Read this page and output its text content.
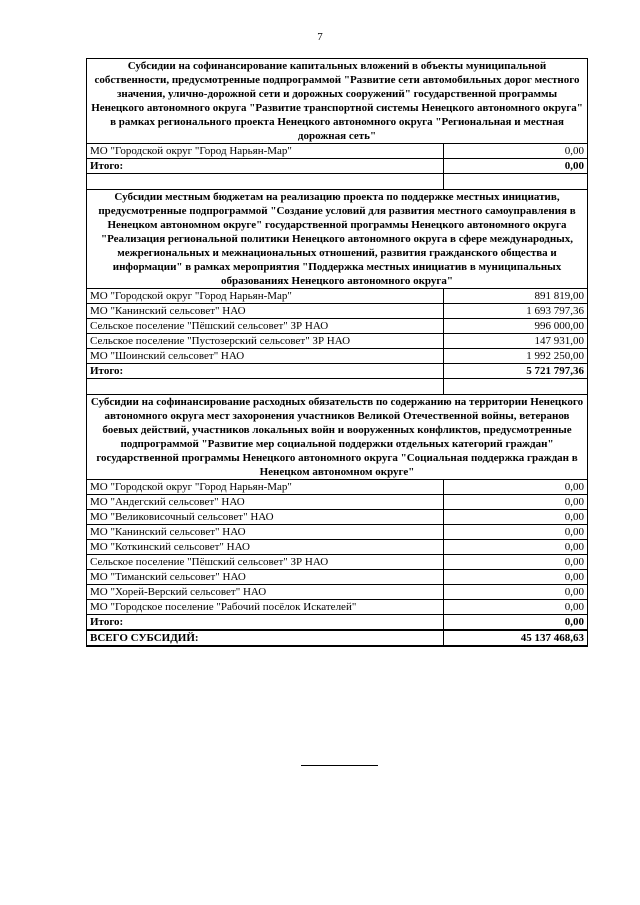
7
Субсидии на софинансирование капитальных вложений в объекты муниципальной собственности, предусмотренные подпрограммой "Развитие сети автомобильных дорог местного значения, улично-дорожной сети и дорожных сооружений" государственной программы Ненецкого автономного округа "Развитие транспортной системы Ненецкого автономного округа" в рамках регионального проекта Ненецкого автономного округа "Региональная и местная дорожная сеть"	
МО "Городской округ "Город Нарьян-Мар"	0,00
Итого:	0,00

Субсидии местным бюджетам на реализацию проекта по поддержке местных инициатив, предусмотренные подпрограммой "Создание условий для развития местного самоуправления в Ненецком автономном округе" государственной программы Ненецкого автономного округа "Реализация региональной политики Ненецкого автономного округа в сфере международных, межрегиональных и межнациональных отношений, развития гражданского общества и информации" в рамках мероприятия "Поддержка местных инициатив в муниципальных образованиях Ненецкого автономного округа"	
МО "Городской округ "Город Нарьян-Мар"	891 819,00
МО "Канинский сельсовет" НАО	1 693 797,36
Сельское поселение "Пёшский сельсовет" ЗР НАО	996 000,00
Сельское поселение "Пустозерский сельсовет" ЗР НАО	147 931,00
МО "Шоинский сельсовет" НАО	1 992 250,00
Итого:	5 721 797,36

Субсидии на софинансирование расходных обязательств по содержанию на территории Ненецкого автономного округа мест захоронения участников Великой Отечественной войны, ветеранов боевых действий, участников локальных войн и вооруженных конфликтов, предусмотренные подпрограммой "Развитие мер социальной поддержки отдельных категорий граждан" государственной программы Ненецкого автономного округа "Социальная поддержка граждан в Ненецком автономном округе"	
МО "Городской округ "Город Нарьян-Мар"	0,00
МО "Андегский сельсовет" НАО	0,00
МО "Великовисочный сельсовет" НАО	0,00
МО "Канинский сельсовет" НАО	0,00
МО "Коткинский сельсовет" НАО	0,00
Сельское поселение "Пёшский сельсовет" ЗР НАО	0,00
МО "Тиманский сельсовет" НАО	0,00
МО "Хорей-Верский сельсовет" НАО	0,00
МО "Городское поселение "Рабочий посёлок Искателей"	0,00
Итого:	0,00
ВСЕГО СУБСИДИЙ:	45 137 468,63
